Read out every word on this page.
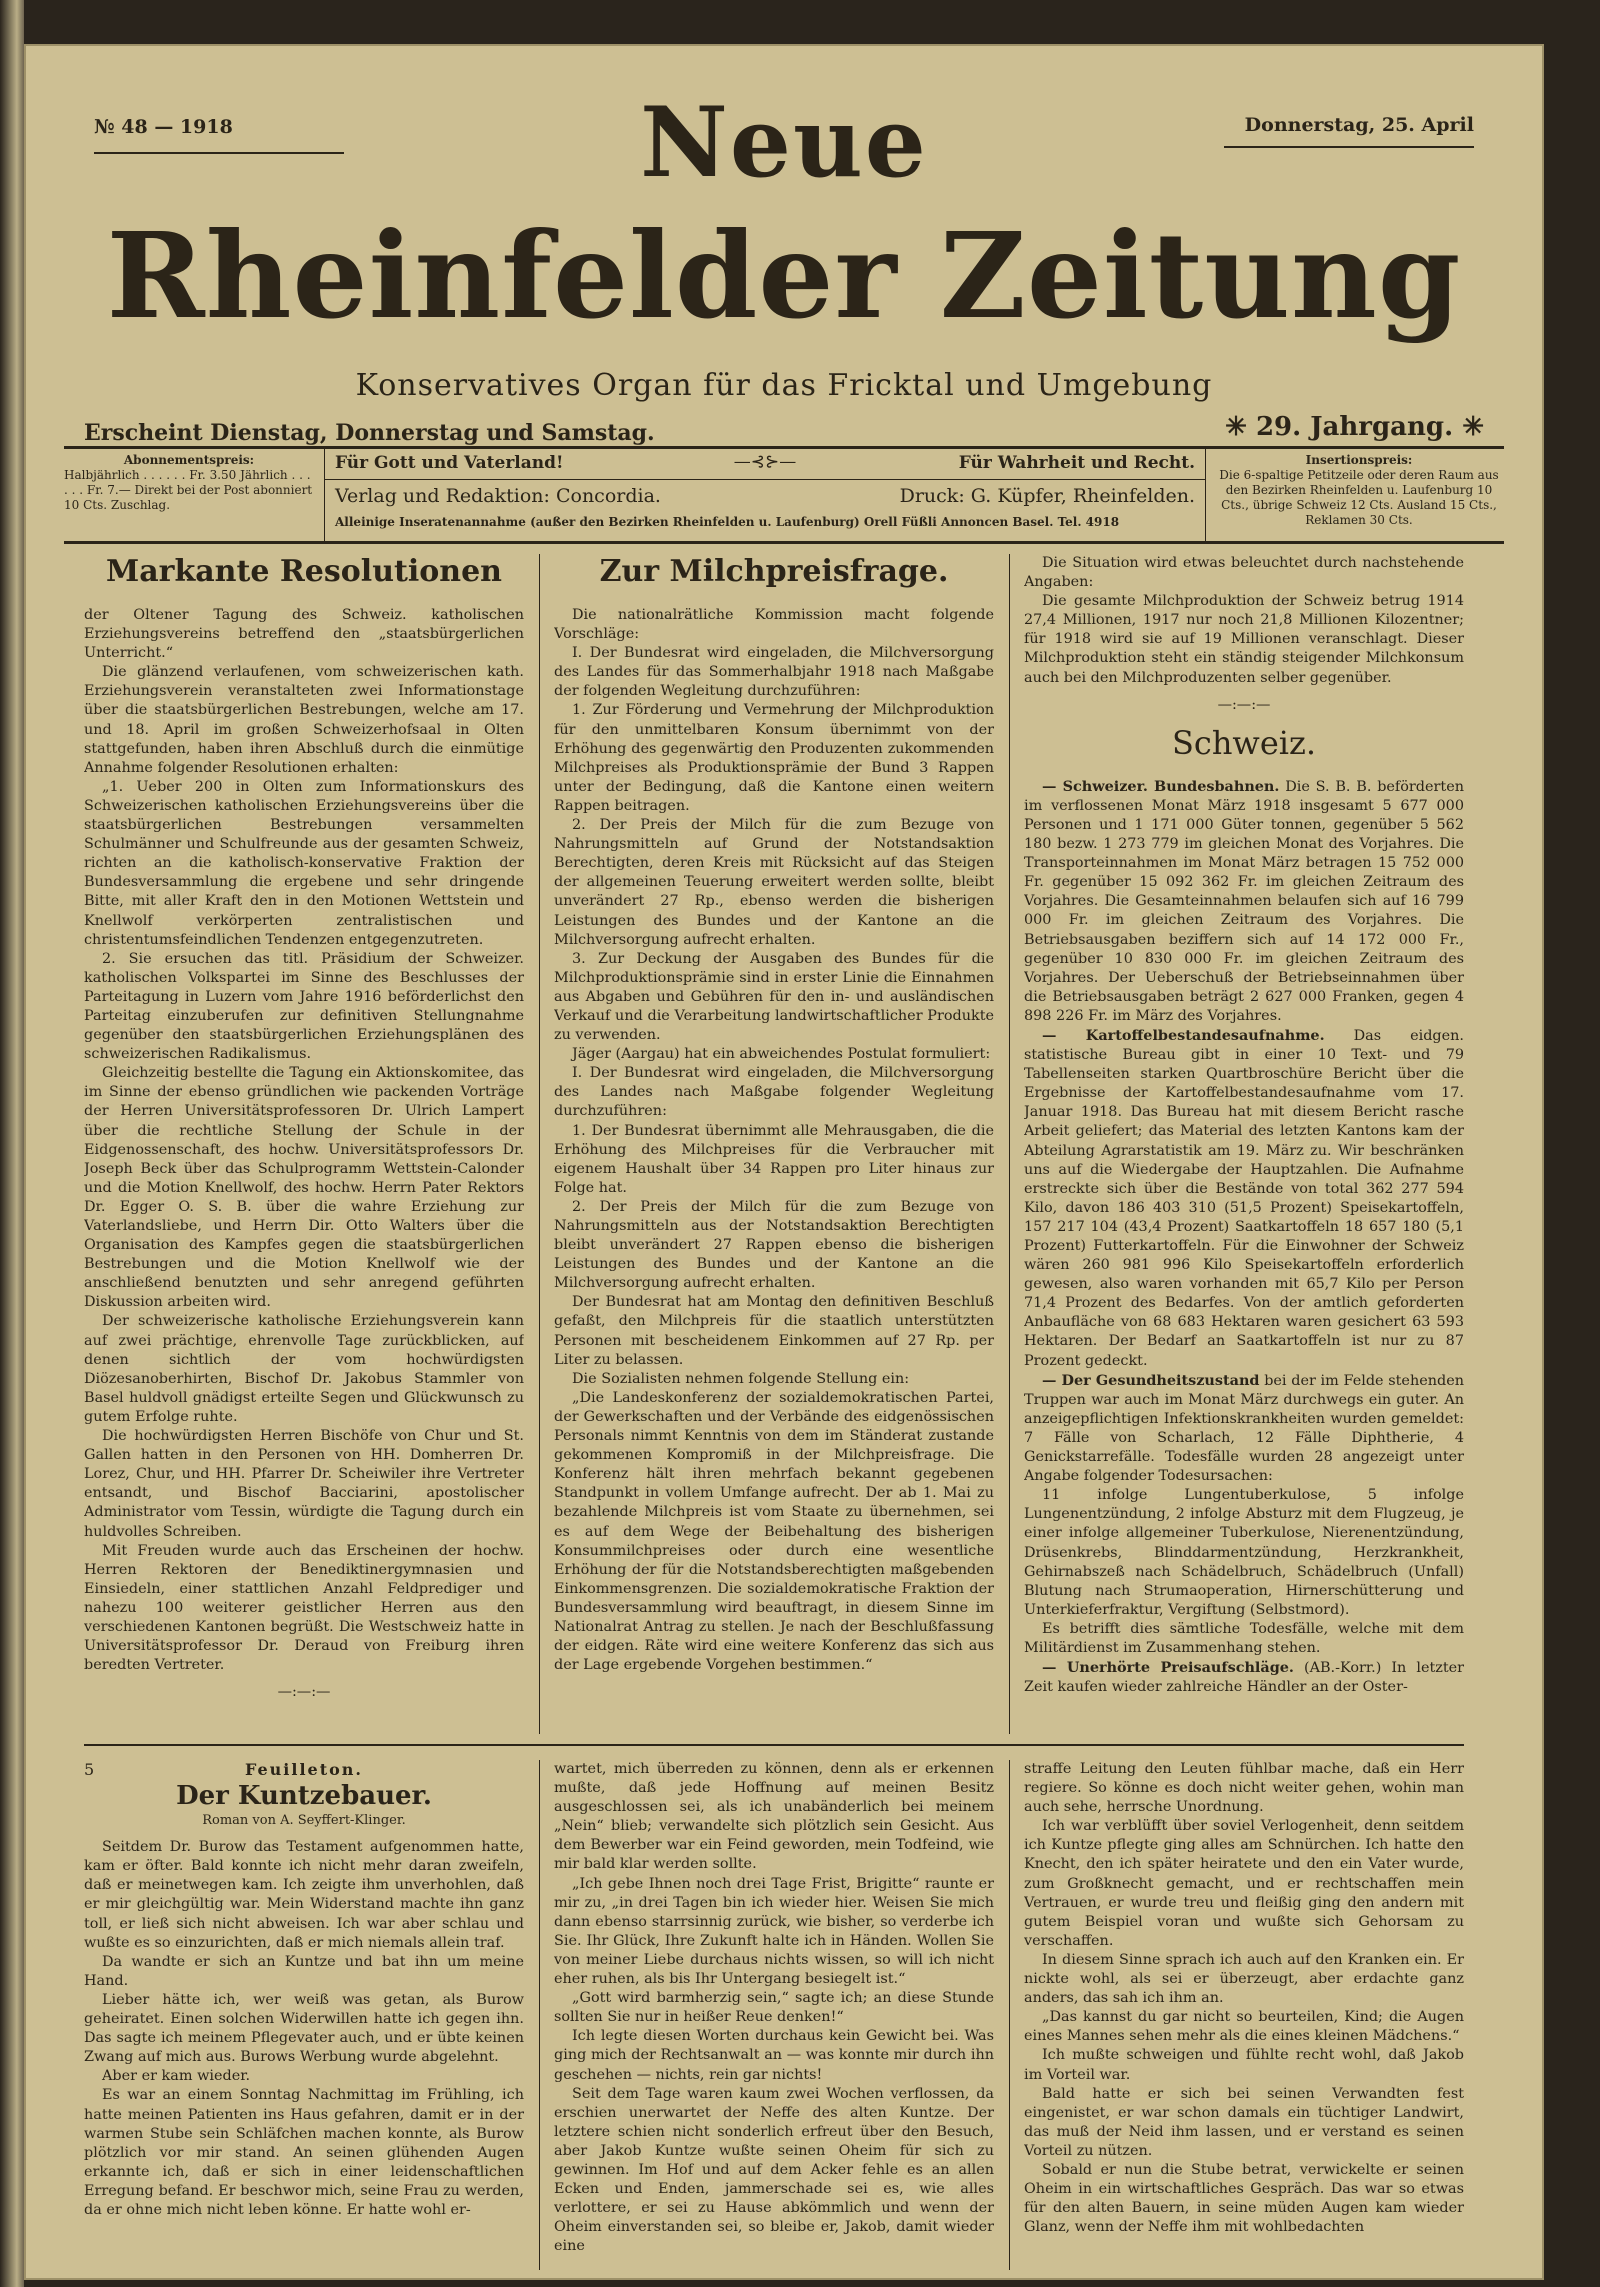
№ 48 — 1918	Donnerstag, 25. April
Neue
Rheinfelder Zeitung
Konservatives Organ für das Fricktal und Umgebung
Erscheint Dienstag, Donnerstag und Samstag.	✳ 29. Jahrgang. ✳
Abonnementspreis:
Halbjährlich . . . . . . Fr. 3.50 Jährlich . . . . . . Fr. 7.— Direkt bei der Post abonniert 10 Cts. Zuschlag.
Für Gott und Vaterland!	—⊰⊱—	Für Wahrheit und Recht.
Verlag und Redaktion: Concordia.	Druck: G. Küpfer, Rheinfelden.
Alleinige Inseratenannahme (außer den Bezirken Rheinfelden u. Laufenburg) Orell Füßli Annoncen Basel. Tel. 4918
Insertionspreis:
Die 6-spaltige Petitzeile oder deren Raum aus den Bezirken Rheinfelden u. Laufenburg 10 Cts., übrige Schweiz 12 Cts. Ausland 15 Cts., Reklamen 30 Cts.
Markante Resolutionen

der Oltener Tagung des Schweiz. katholischen Erziehungsvereins betreffend den „staatsbürgerlichen Unterricht.“

Die glänzend verlaufenen, vom schweizerischen kath. Erziehungsverein veranstalteten zwei Informationstage über die staatsbürgerlichen Bestrebungen, welche am 17. und 18. April im großen Schweizerhofsaal in Olten stattgefunden, haben ihren Abschluß durch die einmütige Annahme folgender Resolutionen erhalten:

„1. Ueber 200 in Olten zum Informationskurs des Schweizerischen katholischen Erziehungsvereins über die staatsbürgerlichen Bestrebungen versammelten Schulmänner und Schulfreunde aus der gesamten Schweiz, richten an die katholisch-konservative Fraktion der Bundesversammlung die ergebene und sehr dringende Bitte, mit aller Kraft den in den Motionen Wettstein und Knellwolf verkörperten zentralistischen und christentumsfeindlichen Tendenzen entgegenzutreten.

2. Sie ersuchen das titl. Präsidium der Schweizer. katholischen Volkspartei im Sinne des Beschlusses der Parteitagung in Luzern vom Jahre 1916 beförderlichst den Parteitag einzuberufen zur definitiven Stellungnahme gegenüber den staatsbürgerlichen Erziehungsplänen des schweizerischen Radikalismus.

Gleichzeitig bestellte die Tagung ein Aktionskomitee, das im Sinne der ebenso gründlichen wie packenden Vorträge der Herren Universitätsprofessoren Dr. Ulrich Lampert über die rechtliche Stellung der Schule in der Eidgenossenschaft, des hochw. Universitätsprofessors Dr. Joseph Beck über das Schulprogramm Wettstein-Calonder und die Motion Knellwolf, des hochw. Herrn Pater Rektors Dr. Egger O. S. B. über die wahre Erziehung zur Vaterlandsliebe, und Herrn Dir. Otto Walters über die Organisation des Kampfes gegen die staatsbürgerlichen Bestrebungen und die Motion Knellwolf wie der anschließend benutzten und sehr anregend geführten Diskussion arbeiten wird.

Der schweizerische katholische Erziehungsverein kann auf zwei prächtige, ehrenvolle Tage zurückblicken, auf denen sichtlich der vom hochwürdigsten Diözesanoberhirten, Bischof Dr. Jakobus Stammler von Basel huldvoll gnädigst erteilte Segen und Glückwunsch zu gutem Erfolge ruhte.

Die hochwürdigsten Herren Bischöfe von Chur und St. Gallen hatten in den Personen von HH. Domherren Dr. Lorez, Chur, und HH. Pfarrer Dr. Scheiwiler ihre Vertreter entsandt, und Bischof Bacciarini, apostolischer Administrator vom Tessin, würdigte die Tagung durch ein huldvolles Schreiben.

Mit Freuden wurde auch das Erscheinen der hochw. Herren Rektoren der Benediktinergymnasien und Einsiedeln, einer stattlichen Anzahl Feldprediger und nahezu 100 weiterer geistlicher Herren aus den verschiedenen Kantonen begrüßt. Die Westschweiz hatte in Universitätsprofessor Dr. Deraud von Freiburg ihren beredten Vertreter.

—:—:—
Zur Milchpreisfrage.

Die nationalrätliche Kommission macht folgende Vorschläge:

I. Der Bundesrat wird eingeladen, die Milchversorgung des Landes für das Sommerhalbjahr 1918 nach Maßgabe der folgenden Wegleitung durchzuführen:

1. Zur Förderung und Vermehrung der Milchproduktion für den unmittelbaren Konsum übernimmt von der Erhöhung des gegenwärtig den Produzenten zukommenden Milchpreises als Produktionsprämie der Bund 3 Rappen unter der Bedingung, daß die Kantone einen weitern Rappen beitragen.

2. Der Preis der Milch für die zum Bezuge von Nahrungsmitteln auf Grund der Notstandsaktion Berechtigten, deren Kreis mit Rücksicht auf das Steigen der allgemeinen Teuerung erweitert werden sollte, bleibt unverändert 27 Rp., ebenso werden die bisherigen Leistungen des Bundes und der Kantone an die Milchversorgung aufrecht erhalten.

3. Zur Deckung der Ausgaben des Bundes für die Milchproduktionsprämie sind in erster Linie die Einnahmen aus Abgaben und Gebühren für den in- und ausländischen Verkauf und die Verarbeitung landwirtschaftlicher Produkte zu verwenden.

Jäger (Aargau) hat ein abweichendes Postulat formuliert:

I. Der Bundesrat wird eingeladen, die Milchversorgung des Landes nach Maßgabe folgender Wegleitung durchzuführen:

1. Der Bundesrat übernimmt alle Mehrausgaben, die die Erhöhung des Milchpreises für die Verbraucher mit eigenem Haushalt über 34 Rappen pro Liter hinaus zur Folge hat.

2. Der Preis der Milch für die zum Bezuge von Nahrungsmitteln aus der Notstandsaktion Berechtigten bleibt unverändert 27 Rappen ebenso die bisherigen Leistungen des Bundes und der Kantone an die Milchversorgung aufrecht erhalten.

Der Bundesrat hat am Montag den definitiven Beschluß gefaßt, den Milchpreis für die staatlich unterstützten Personen mit bescheidenem Einkommen auf 27 Rp. per Liter zu belassen.

Die Sozialisten nehmen folgende Stellung ein:

„Die Landeskonferenz der sozialdemokratischen Partei, der Gewerkschaften und der Verbände des eidgenössischen Personals nimmt Kenntnis von dem im Ständerat zustande gekommenen Kompromiß in der Milchpreisfrage. Die Konferenz hält ihren mehrfach bekannt gegebenen Standpunkt in vollem Umfange aufrecht. Der ab 1. Mai zu bezahlende Milchpreis ist vom Staate zu übernehmen, sei es auf dem Wege der Beibehaltung des bisherigen Konsummilchpreises oder durch eine wesentliche Erhöhung der für die Notstandsberechtigten maßgebenden Einkommensgrenzen. Die sozialdemokratische Fraktion der Bundesversammlung wird beauftragt, in diesem Sinne im Nationalrat Antrag zu stellen. Je nach der Beschlußfassung der eidgen. Räte wird eine weitere Konferenz das sich aus der Lage ergebende Vorgehen bestimmen.“

Die Situation wird etwas beleuchtet durch nachstehende Angaben:

Die gesamte Milchproduktion der Schweiz betrug 1914 27,4 Millionen, 1917 nur noch 21,8 Millionen Kilozentner; für 1918 wird sie auf 19 Millionen veranschlagt. Dieser Milchproduktion steht ein ständig steigender Milchkonsum auch bei den Milchproduzenten selber gegenüber.

—:—:—
Schweiz.

— Schweizer. Bundesbahnen. Die S. B. B. beförderten im verflossenen Monat März 1918 insgesamt 5 677 000 Personen und 1 171 000 Güter tonnen, gegenüber 5 562 180 bezw. 1 273 779 im gleichen Monat des Vorjahres. Die Transporteinnahmen im Monat März betragen 15 752 000 Fr. gegenüber 15 092 362 Fr. im gleichen Zeitraum des Vorjahres. Die Gesamteinnahmen belaufen sich auf 16 799 000 Fr. im gleichen Zeitraum des Vorjahres. Die Betriebsausgaben beziffern sich auf 14 172 000 Fr., gegenüber 10 830 000 Fr. im gleichen Zeitraum des Vorjahres. Der Ueberschuß der Betriebseinnahmen über die Betriebsausgaben beträgt 2 627 000 Franken, gegen 4 898 226 Fr. im März des Vorjahres.

— Kartoffelbestandesaufnahme. Das eidgen. statistische Bureau gibt in einer 10 Text- und 79 Tabellenseiten starken Quartbroschüre Bericht über die Ergebnisse der Kartoffelbestandesaufnahme vom 17. Januar 1918. Das Bureau hat mit diesem Bericht rasche Arbeit geliefert; das Material des letzten Kantons kam der Abteilung Agrarstatistik am 19. März zu. Wir beschränken uns auf die Wiedergabe der Hauptzahlen. Die Aufnahme erstreckte sich über die Bestände von total 362 277 594 Kilo, davon 186 403 310 (51,5 Prozent) Speisekartoffeln, 157 217 104 (43,4 Prozent) Saatkartoffeln 18 657 180 (5,1 Prozent) Futterkartoffeln. Für die Einwohner der Schweiz wären 260 981 996 Kilo Speisekartoffeln erforderlich gewesen, also waren vorhanden mit 65,7 Kilo per Person 71,4 Prozent des Bedarfes. Von der amtlich geforderten Anbaufläche von 68 683 Hektaren waren gesichert 63 593 Hektaren. Der Bedarf an Saatkartoffeln ist nur zu 87 Prozent gedeckt.

— Der Gesundheitszustand bei der im Felde stehenden Truppen war auch im Monat März durchwegs ein guter. An anzeigepflichtigen Infektionskrankheiten wurden gemeldet: 7 Fälle von Scharlach, 12 Fälle Diphtherie, 4 Genickstarrefälle. Todesfälle wurden 28 angezeigt unter Angabe folgender Todesursachen:

11 infolge Lungentuberkulose, 5 infolge Lungenentzündung, 2 infolge Absturz mit dem Flugzeug, je einer infolge allgemeiner Tuberkulose, Nierenentzündung, Drüsenkrebs, Blinddarmentzündung, Herzkrankheit, Gehirnabszeß nach Schädelbruch, Schädelbruch (Unfall) Blutung nach Strumaoperation, Hirnerschütterung und Unterkieferfraktur, Vergiftung (Selbstmord).

Es betrifft dies sämtliche Todesfälle, welche mit dem Militärdienst im Zusammenhang stehen.

— Unerhörte Preisaufschläge. (AB.-Korr.) In letzter Zeit kaufen wieder zahlreiche Händler an der Oster-

5	Feuilleton.
Der Kuntzebauer.
Roman von A. Seyffert-Klinger.

Seitdem Dr. Burow das Testament aufgenommen hatte, kam er öfter. Bald konnte ich nicht mehr daran zweifeln, daß er meinetwegen kam. Ich zeigte ihm unverhohlen, daß er mir gleichgültig war. Mein Widerstand machte ihn ganz toll, er ließ sich nicht abweisen. Ich war aber schlau und wußte es so einzurichten, daß er mich niemals allein traf.

Da wandte er sich an Kuntze und bat ihn um meine Hand.

Lieber hätte ich, wer weiß was getan, als Burow geheiratet. Einen solchen Widerwillen hatte ich gegen ihn. Das sagte ich meinem Pflegevater auch, und er übte keinen Zwang auf mich aus. Burows Werbung wurde abgelehnt.

Aber er kam wieder.

Es war an einem Sonntag Nachmittag im Frühling, ich hatte meinen Patienten ins Haus gefahren, damit er in der warmen Stube sein Schläfchen machen konnte, als Burow plötzlich vor mir stand. An seinen glühenden Augen erkannte ich, daß er sich in einer leidenschaftlichen Erregung befand. Er beschwor mich, seine Frau zu werden, da er ohne mich nicht leben könne. Er hatte wohl er-

wartet, mich überreden zu können, denn als er erkennen mußte, daß jede Hoffnung auf meinen Besitz ausgeschlossen sei, als ich unabänderlich bei meinem „Nein“ blieb; verwandelte sich plötzlich sein Gesicht. Aus dem Bewerber war ein Feind geworden, mein Todfeind, wie mir bald klar werden sollte.

„Ich gebe Ihnen noch drei Tage Frist, Brigitte“ raunte er mir zu, „in drei Tagen bin ich wieder hier. Weisen Sie mich dann ebenso starrsinnig zurück, wie bisher, so verderbe ich Sie. Ihr Glück, Ihre Zukunft halte ich in Händen. Wollen Sie von meiner Liebe durchaus nichts wissen, so will ich nicht eher ruhen, als bis Ihr Untergang besiegelt ist.“

„Gott wird barmherzig sein,“ sagte ich; an diese Stunde sollten Sie nur in heißer Reue denken!“

Ich legte diesen Worten durchaus kein Gewicht bei. Was ging mich der Rechtsanwalt an — was konnte mir durch ihn geschehen — nichts, rein gar nichts!

Seit dem Tage waren kaum zwei Wochen verflossen, da erschien unerwartet der Neffe des alten Kuntze. Der letztere schien nicht sonderlich erfreut über den Besuch, aber Jakob Kuntze wußte seinen Oheim für sich zu gewinnen. Im Hof und auf dem Acker fehle es an allen Ecken und Enden, jammerschade sei es, wie alles verlottere, er sei zu Hause abkömmlich und wenn der Oheim einverstanden sei, so bleibe er, Jakob, damit wieder eine

straffe Leitung den Leuten fühlbar mache, daß ein Herr regiere. So könne es doch nicht weiter gehen, wohin man auch sehe, herrsche Unordnung.

Ich war verblüfft über soviel Verlogenheit, denn seitdem ich Kuntze pflegte ging alles am Schnürchen. Ich hatte den Knecht, den ich später heiratete und den ein Vater wurde, zum Großknecht gemacht, und er rechtschaffen mein Vertrauen, er wurde treu und fleißig ging den andern mit gutem Beispiel voran und wußte sich Gehorsam zu verschaffen.

In diesem Sinne sprach ich auch auf den Kranken ein. Er nickte wohl, als sei er überzeugt, aber erdachte ganz anders, das sah ich ihm an.

„Das kannst du gar nicht so beurteilen, Kind; die Augen eines Mannes sehen mehr als die eines kleinen Mädchens.“

Ich mußte schweigen und fühlte recht wohl, daß Jakob im Vorteil war.

Bald hatte er sich bei seinen Verwandten fest eingenistet, er war schon damals ein tüchtiger Landwirt, das muß der Neid ihm lassen, und er verstand es seinen Vorteil zu nützen.

Sobald er nun die Stube betrat, verwickelte er seinen Oheim in ein wirtschaftliches Gespräch. Das war so etwas für den alten Bauern, in seine müden Augen kam wieder Glanz, wenn der Neffe ihm mit wohlbedachten
